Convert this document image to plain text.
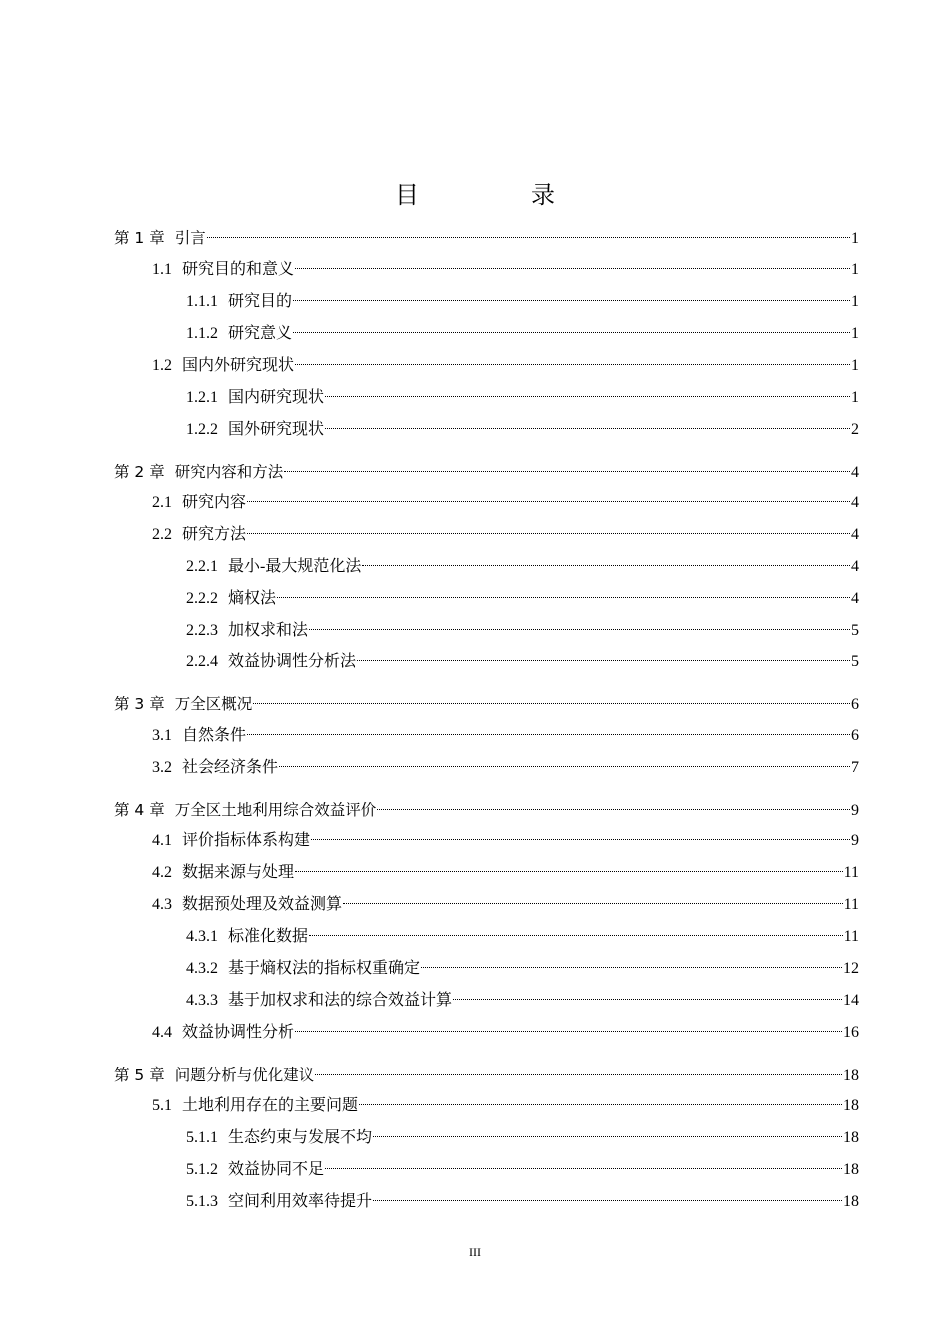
目　录
第 1 章 引言	1
1.1 研究目的和意义	1
1.1.1 研究目的	1
1.1.2 研究意义	1
1.2 国内外研究现状	1
1.2.1 国内研究现状	1
1.2.2 国外研究现状	2
第 2 章 研究内容和方法	4
2.1 研究内容	4
2.2 研究方法	4
2.2.1 最小-最大规范化法	4
2.2.2 熵权法	4
2.2.3 加权求和法	5
2.2.4 效益协调性分析法	5
第 3 章 万全区概况	6
3.1 自然条件	6
3.2 社会经济条件	7
第 4 章 万全区土地利用综合效益评价	9
4.1 评价指标体系构建	9
4.2 数据来源与处理	11
4.3 数据预处理及效益测算	11
4.3.1 标准化数据	11
4.3.2 基于熵权法的指标权重确定	12
4.3.3 基于加权求和法的综合效益计算	14
4.4 效益协调性分析	16
第 5 章 问题分析与优化建议	18
5.1 土地利用存在的主要问题	18
5.1.1 生态约束与发展不均	18
5.1.2 效益协同不足	18
5.1.3 空间利用效率待提升	18
III
